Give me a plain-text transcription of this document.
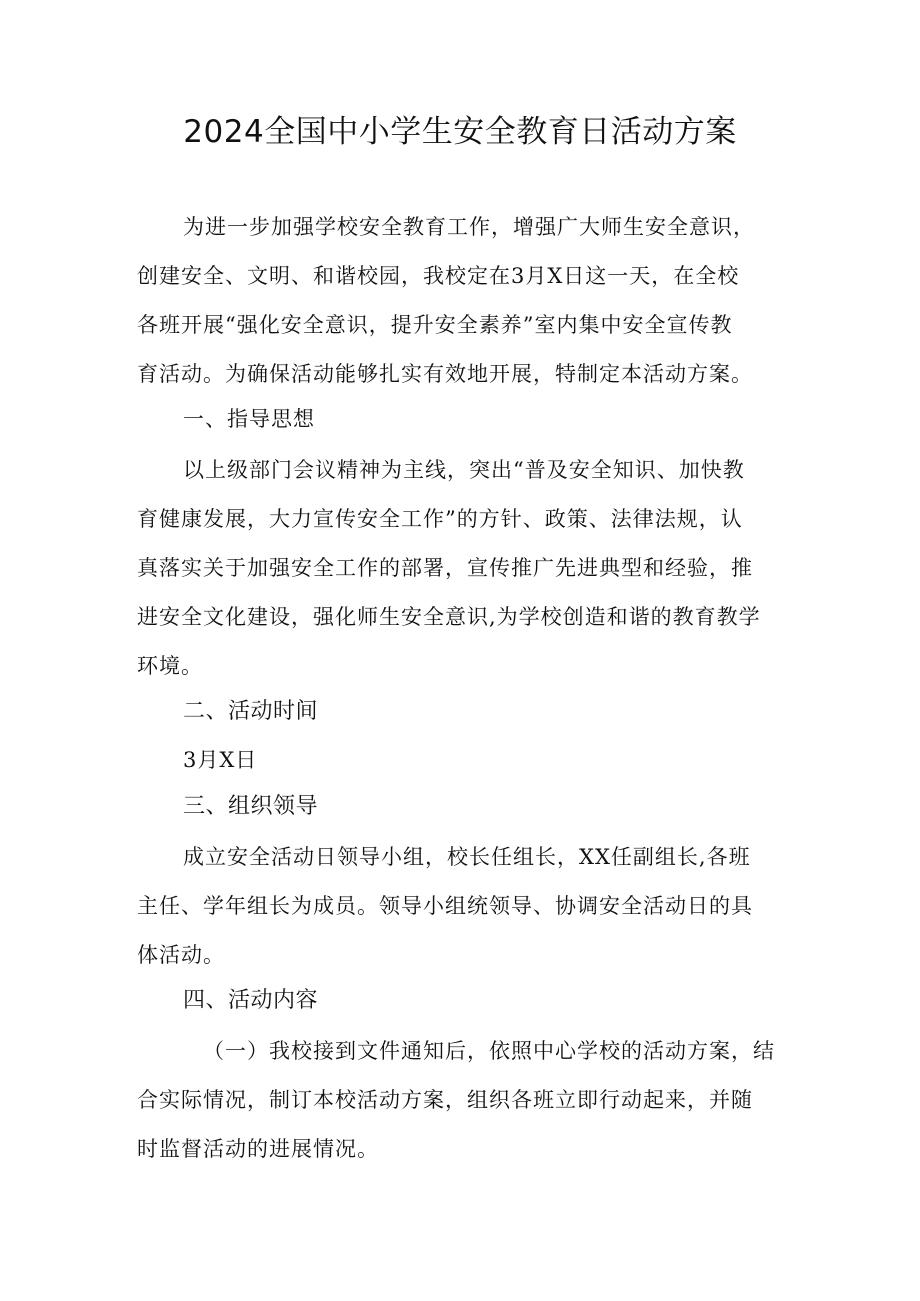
2024全国中小学生安全教育日活动方案
为进一步加强学校安全教育工作，增强广大师生安全意识，
创建安全、文明、和谐校园，我校定在3月X日这一天，在全校
各班开展“强化安全意识，提升安全素养”室内集中安全宣传教
育活动。为确保活动能够扎实有效地开展，特制定本活动方案。
一、指导思想
以上级部门会议精神为主线，突出“普及安全知识、加快教
育健康发展，大力宣传安全工作”的方针、政策、法律法规，认
真落实关于加强安全工作的部署，宣传推广先进典型和经验，推
进安全文化建设，强化师生安全意识,为学校创造和谐的教育教学
环境。
二、活动时间
3月X日
三、组织领导
成立安全活动日领导小组，校长任组长，XX任副组长,各班
主任、学年组长为成员。领导小组统领导、协调安全活动日的具
体活动。
四、活动内容
（一）我校接到文件通知后，依照中心学校的活动方案，结
合实际情况，制订本校活动方案，组织各班立即行动起来，并随
时监督活动的进展情况。
